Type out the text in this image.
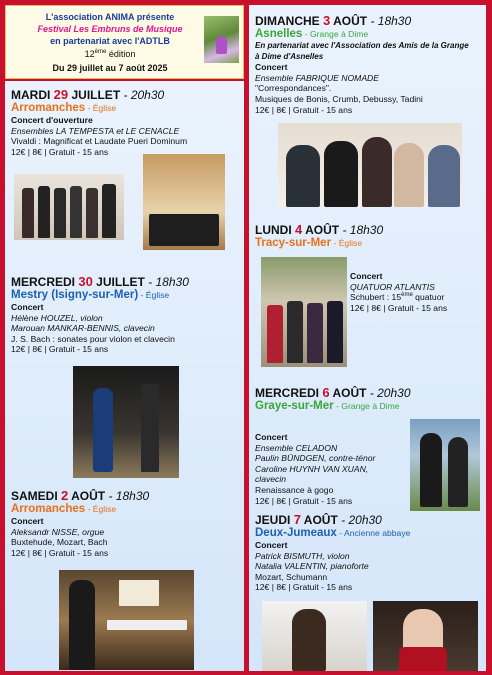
L'association ANIMA présente
Festival Les Embruns de Musique
en partenariat avec l'ADTLB
12ème édition
Du 29 juillet au 7 août 2025
MARDI 29 JUILLET - 20h30
Arromanches - Église
Concert d'ouverture
Ensembles LA TEMPESTA et LE CENACLE
Vivaldi : Magnificat et Laudate Pueri Dominum
12€ | 8€ | Gratuit - 15 ans
MERCREDI 30 JUILLET - 18h30
Mestry (Isigny-sur-Mer) - Église
Concert
Hélène HOUZEL, violon
Marouan MANKAR-BENNIS, clavecin
J. S. Bach : sonates pour violon et clavecin
12€ | 8€ | Gratuit - 15 ans
SAMEDI 2 AOÛT - 18h30
Arromanches - Église
Concert
Aleksandr NISSE, orgue
Buxtehude, Mozart, Bach
12€ | 8€ | Gratuit - 15 ans
DIMANCHE 3 AOÛT - 18h30
Asnelles - Grange à Dime
En partenariat avec l'Association des Amis de la Grange
à Dime d'Asnelles
Concert
Ensemble FABRIQUE NOMADE
"Correspondances".
Musiques de Bonis, Crumb, Debussy, Tadini
12€ | 8€ | Gratuit - 15 ans
LUNDI 4 AOÛT - 18h30
Tracy-sur-Mer - Église
Concert
QUATUOR ATLANTIS
Schubert : 15ème quatuor
12€ | 8€ | Gratuit - 15 ans
MERCREDI 6 AOÛT - 20h30
Graye-sur-Mer - Grange à Dime
Concert
Ensemble CELADON
Paulin BÜNDGEN, contre-ténor
Caroline HUYNH VAN XUAN,
clavecin
Renaissance à gogo
12€ | 8€ | Gratuit - 15 ans
JEUDI 7 AOÛT - 20h30
Deux-Jumeaux - Ancienne abbaye
Concert
Patrick BISMUTH, violon
Natalia VALENTIN, pianoforte
Mozart, Schumann
12€ | 8€ | Gratuit - 15 ans
